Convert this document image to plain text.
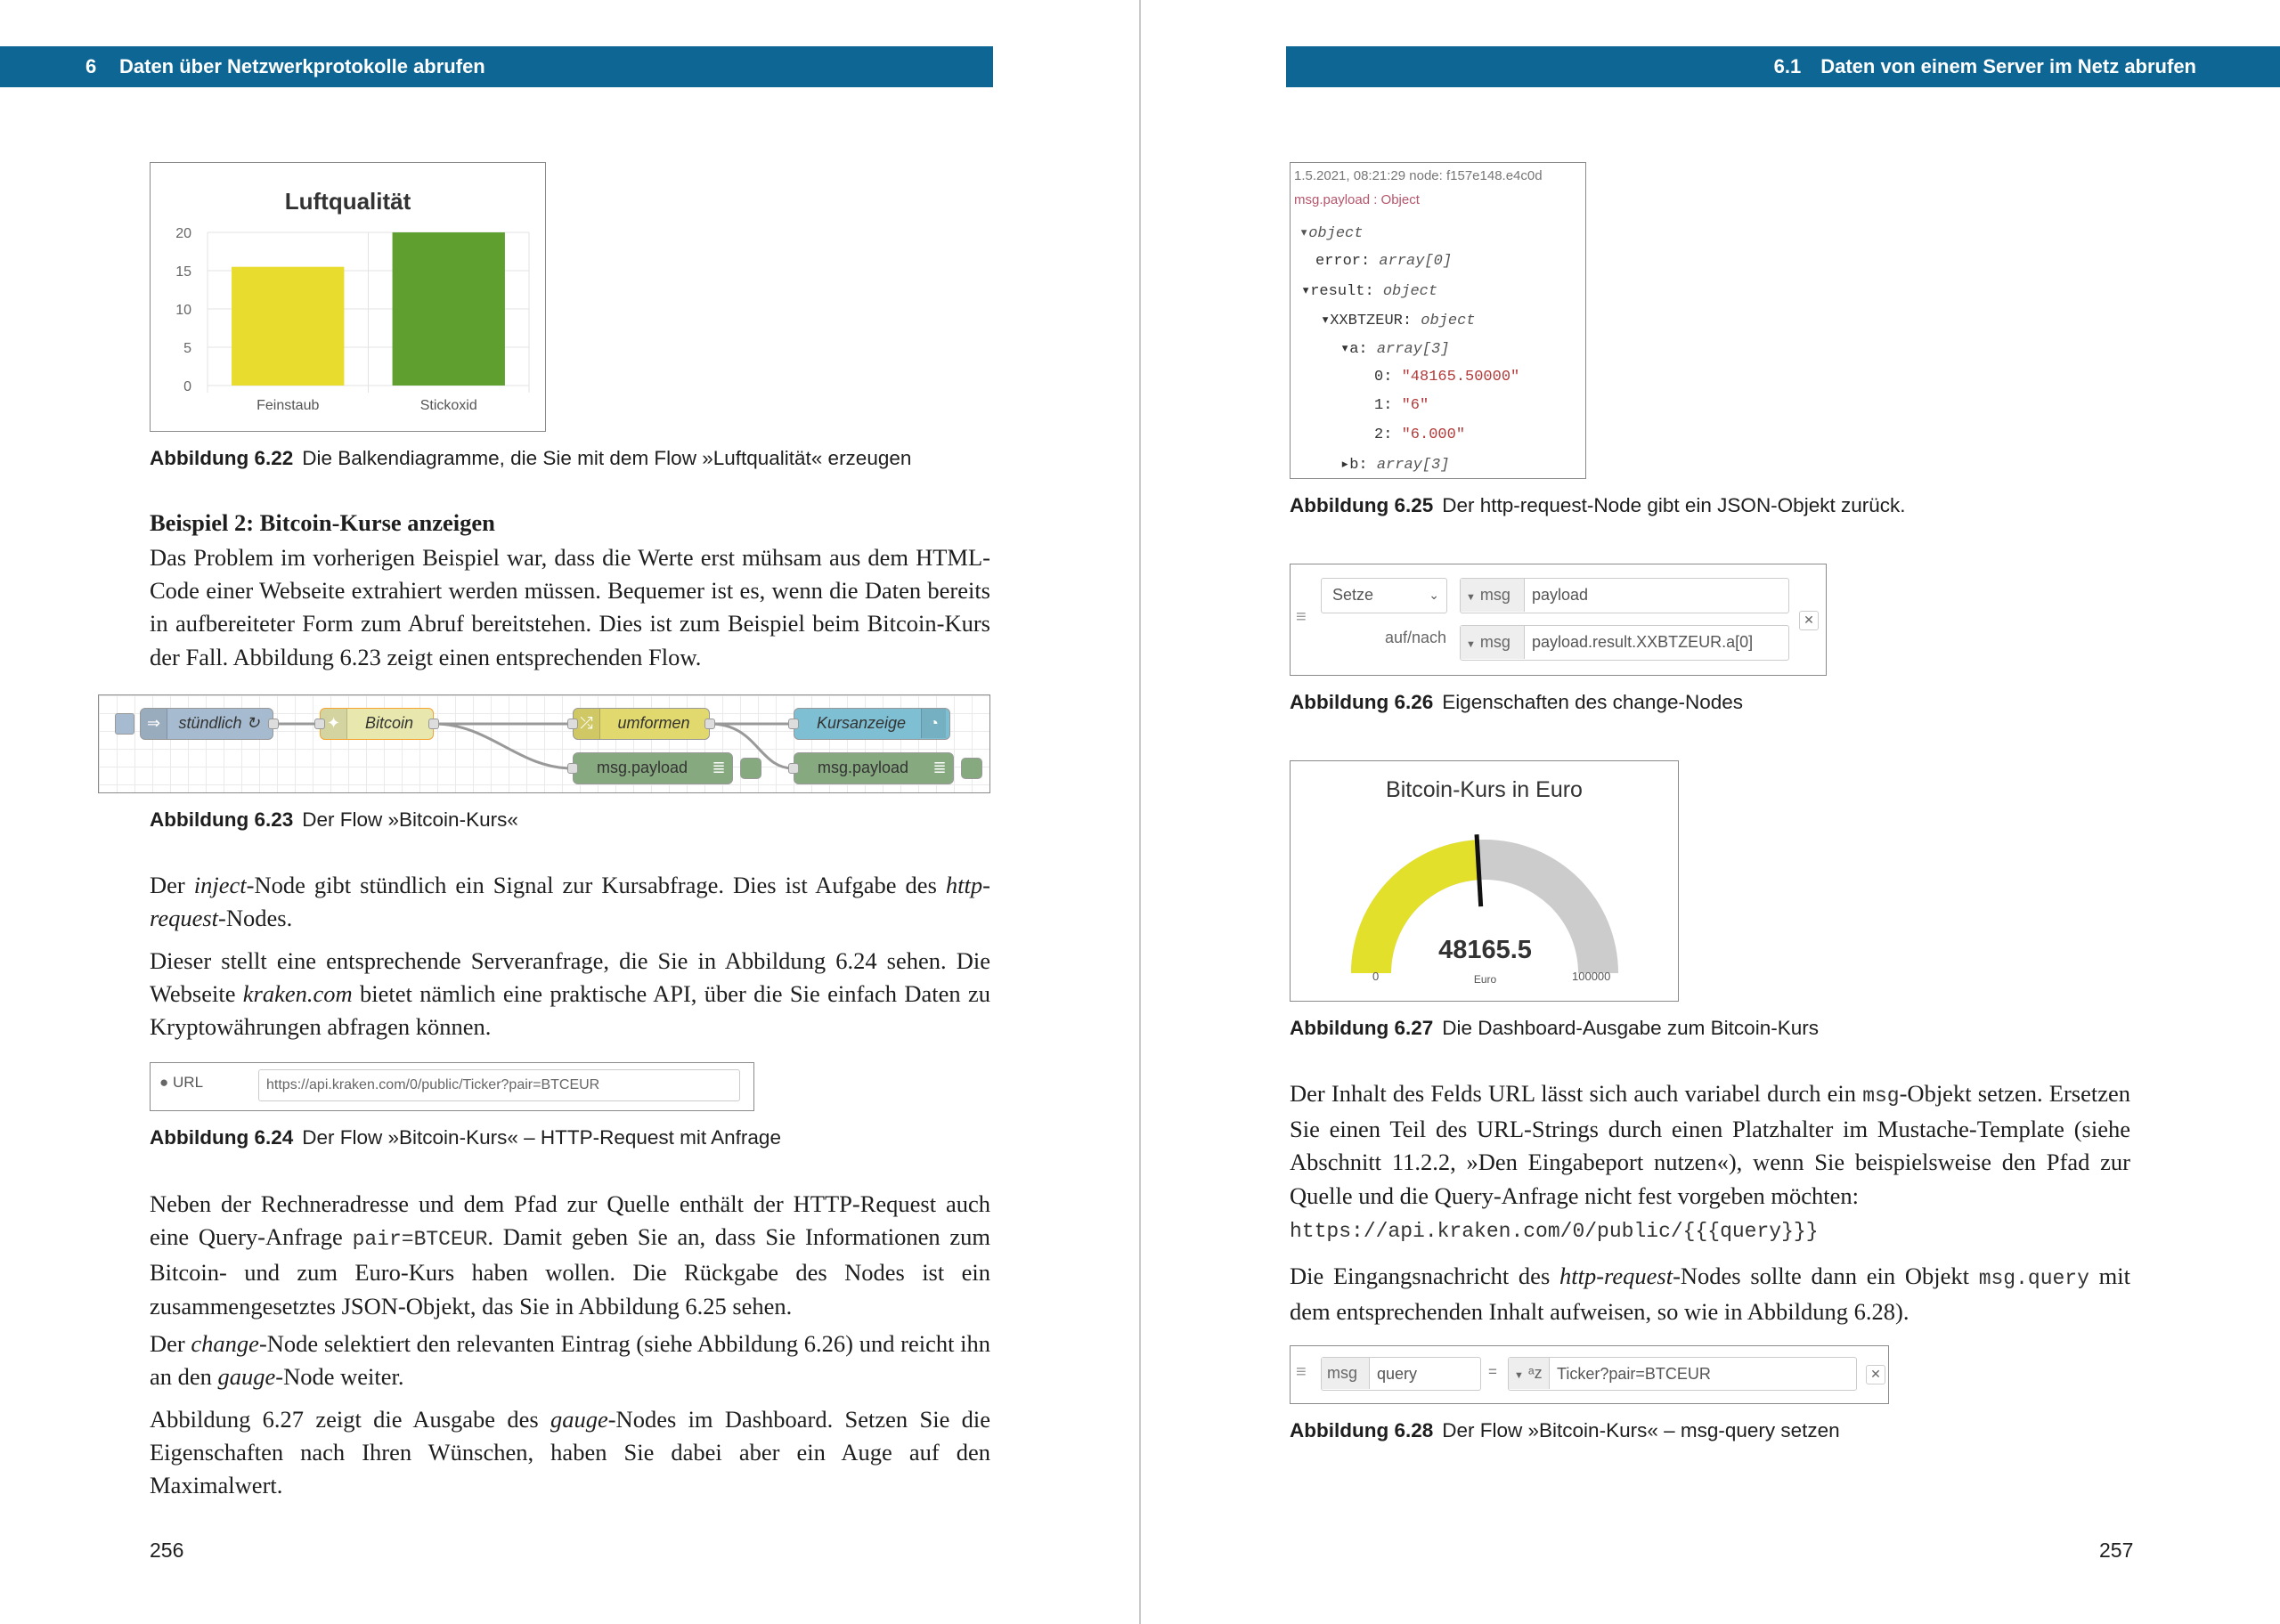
6 Daten über Netzwerkprotokolle abrufen
Luftqualität
20
15
10
5
0
Feinstaub	Stickoxid
Abbildung 6.22 Die Balkendiagramme, die Sie mit dem Flow »Luftqualität« erzeugen
Beispiel 2: Bitcoin-Kurse anzeigen
Das Problem im vorherigen Beispiel war, dass die Werte erst mühsam aus dem HTML-Code einer Webseite extrahiert werden müssen. Bequemer ist es, wenn die Daten bereits in aufbereiteter Form zum Abruf bereitstehen. Dies ist zum Beispiel beim Bitcoin-Kurs der Fall. Abbildung 6.23 zeigt einen entsprechenden Flow.
⇒	stündlich ↻	✦	Bitcoin	⤮	umformen	Kursanzeige	◔
msg.payload ≣	msg.payload ≣
Abbildung 6.23 Der Flow »Bitcoin-Kurs«
Der inject-Node gibt stündlich ein Signal zur Kursabfrage. Dies ist Aufgabe des http-request-Nodes.
Dieser stellt eine entsprechende Serveranfrage, die Sie in Abbildung 6.24 sehen. Die Webseite kraken.com bietet nämlich eine praktische API, über die Sie einfach Daten zu Kryptowährungen abfragen können.
● URL	https://api.kraken.com/0/public/Ticker?pair=BTCEUR
Abbildung 6.24 Der Flow »Bitcoin-Kurs« – HTTP-Request mit Anfrage
Neben der Rechneradresse und dem Pfad zur Quelle enthält der HTTP-Request auch eine Query-Anfrage pair=BTCEUR. Damit geben Sie an, dass Sie Informationen zum Bitcoin- und zum Euro-Kurs haben wollen. Die Rückgabe des Nodes ist ein zusammengesetztes JSON-Objekt, das Sie in Abbildung 6.25 sehen.
Der change-Node selektiert den relevanten Eintrag (siehe Abbildung 6.26) und reicht ihn an den gauge-Node weiter.
Abbildung 6.27 zeigt die Ausgabe des gauge-Nodes im Dashboard. Setzen Sie die Eigenschaften nach Ihren Wünschen, haben Sie dabei aber ein Auge auf den Maximalwert.
256
6.1 Daten von einem Server im Netz abrufen
1.5.2021, 08:21:29 node: f157e148.e4c0d
msg.payload : Object
▾object
error: array[0]
▾result: object
▾XXBTZEUR: object
▾a: array[3]
0: "48165.50000"
1: "6"
2: "6.000"
▸b: array[3]
Abbildung 6.25 Der http-request-Node gibt ein JSON-Objekt zurück.
≡
Setze	⌄	▼ msg payload
auf/nach	▼ msg payload.result.XXBTZEUR.a[0]
✕
Abbildung 6.26 Eigenschaften des change-Nodes
Bitcoin-Kurs in Euro
48165.5
Euro
0	100000
Abbildung 6.27 Die Dashboard-Ausgabe zum Bitcoin-Kurs
Der Inhalt des Felds URL lässt sich auch variabel durch ein msg-Objekt setzen. Ersetzen Sie einen Teil des URL-Strings durch einen Platzhalter im Mustache-Template (siehe Abschnitt 11.2.2, »Den Eingabeport nutzen«), wenn Sie beispielsweise den Pfad zur Quelle und die Query-Anfrage nicht fest vorgeben möchten:
https://api.kraken.com/0/public/{{{query}}}
Die Eingangsnachricht des http-request-Nodes sollte dann ein Objekt msg.query mit dem entsprechenden Inhalt aufweisen, so wie in Abbildung 6.28).
≡	msg query	=	▼ ᵃz Ticker?pair=BTCEUR	✕
Abbildung 6.28 Der Flow »Bitcoin-Kurs« – msg-query setzen
257
